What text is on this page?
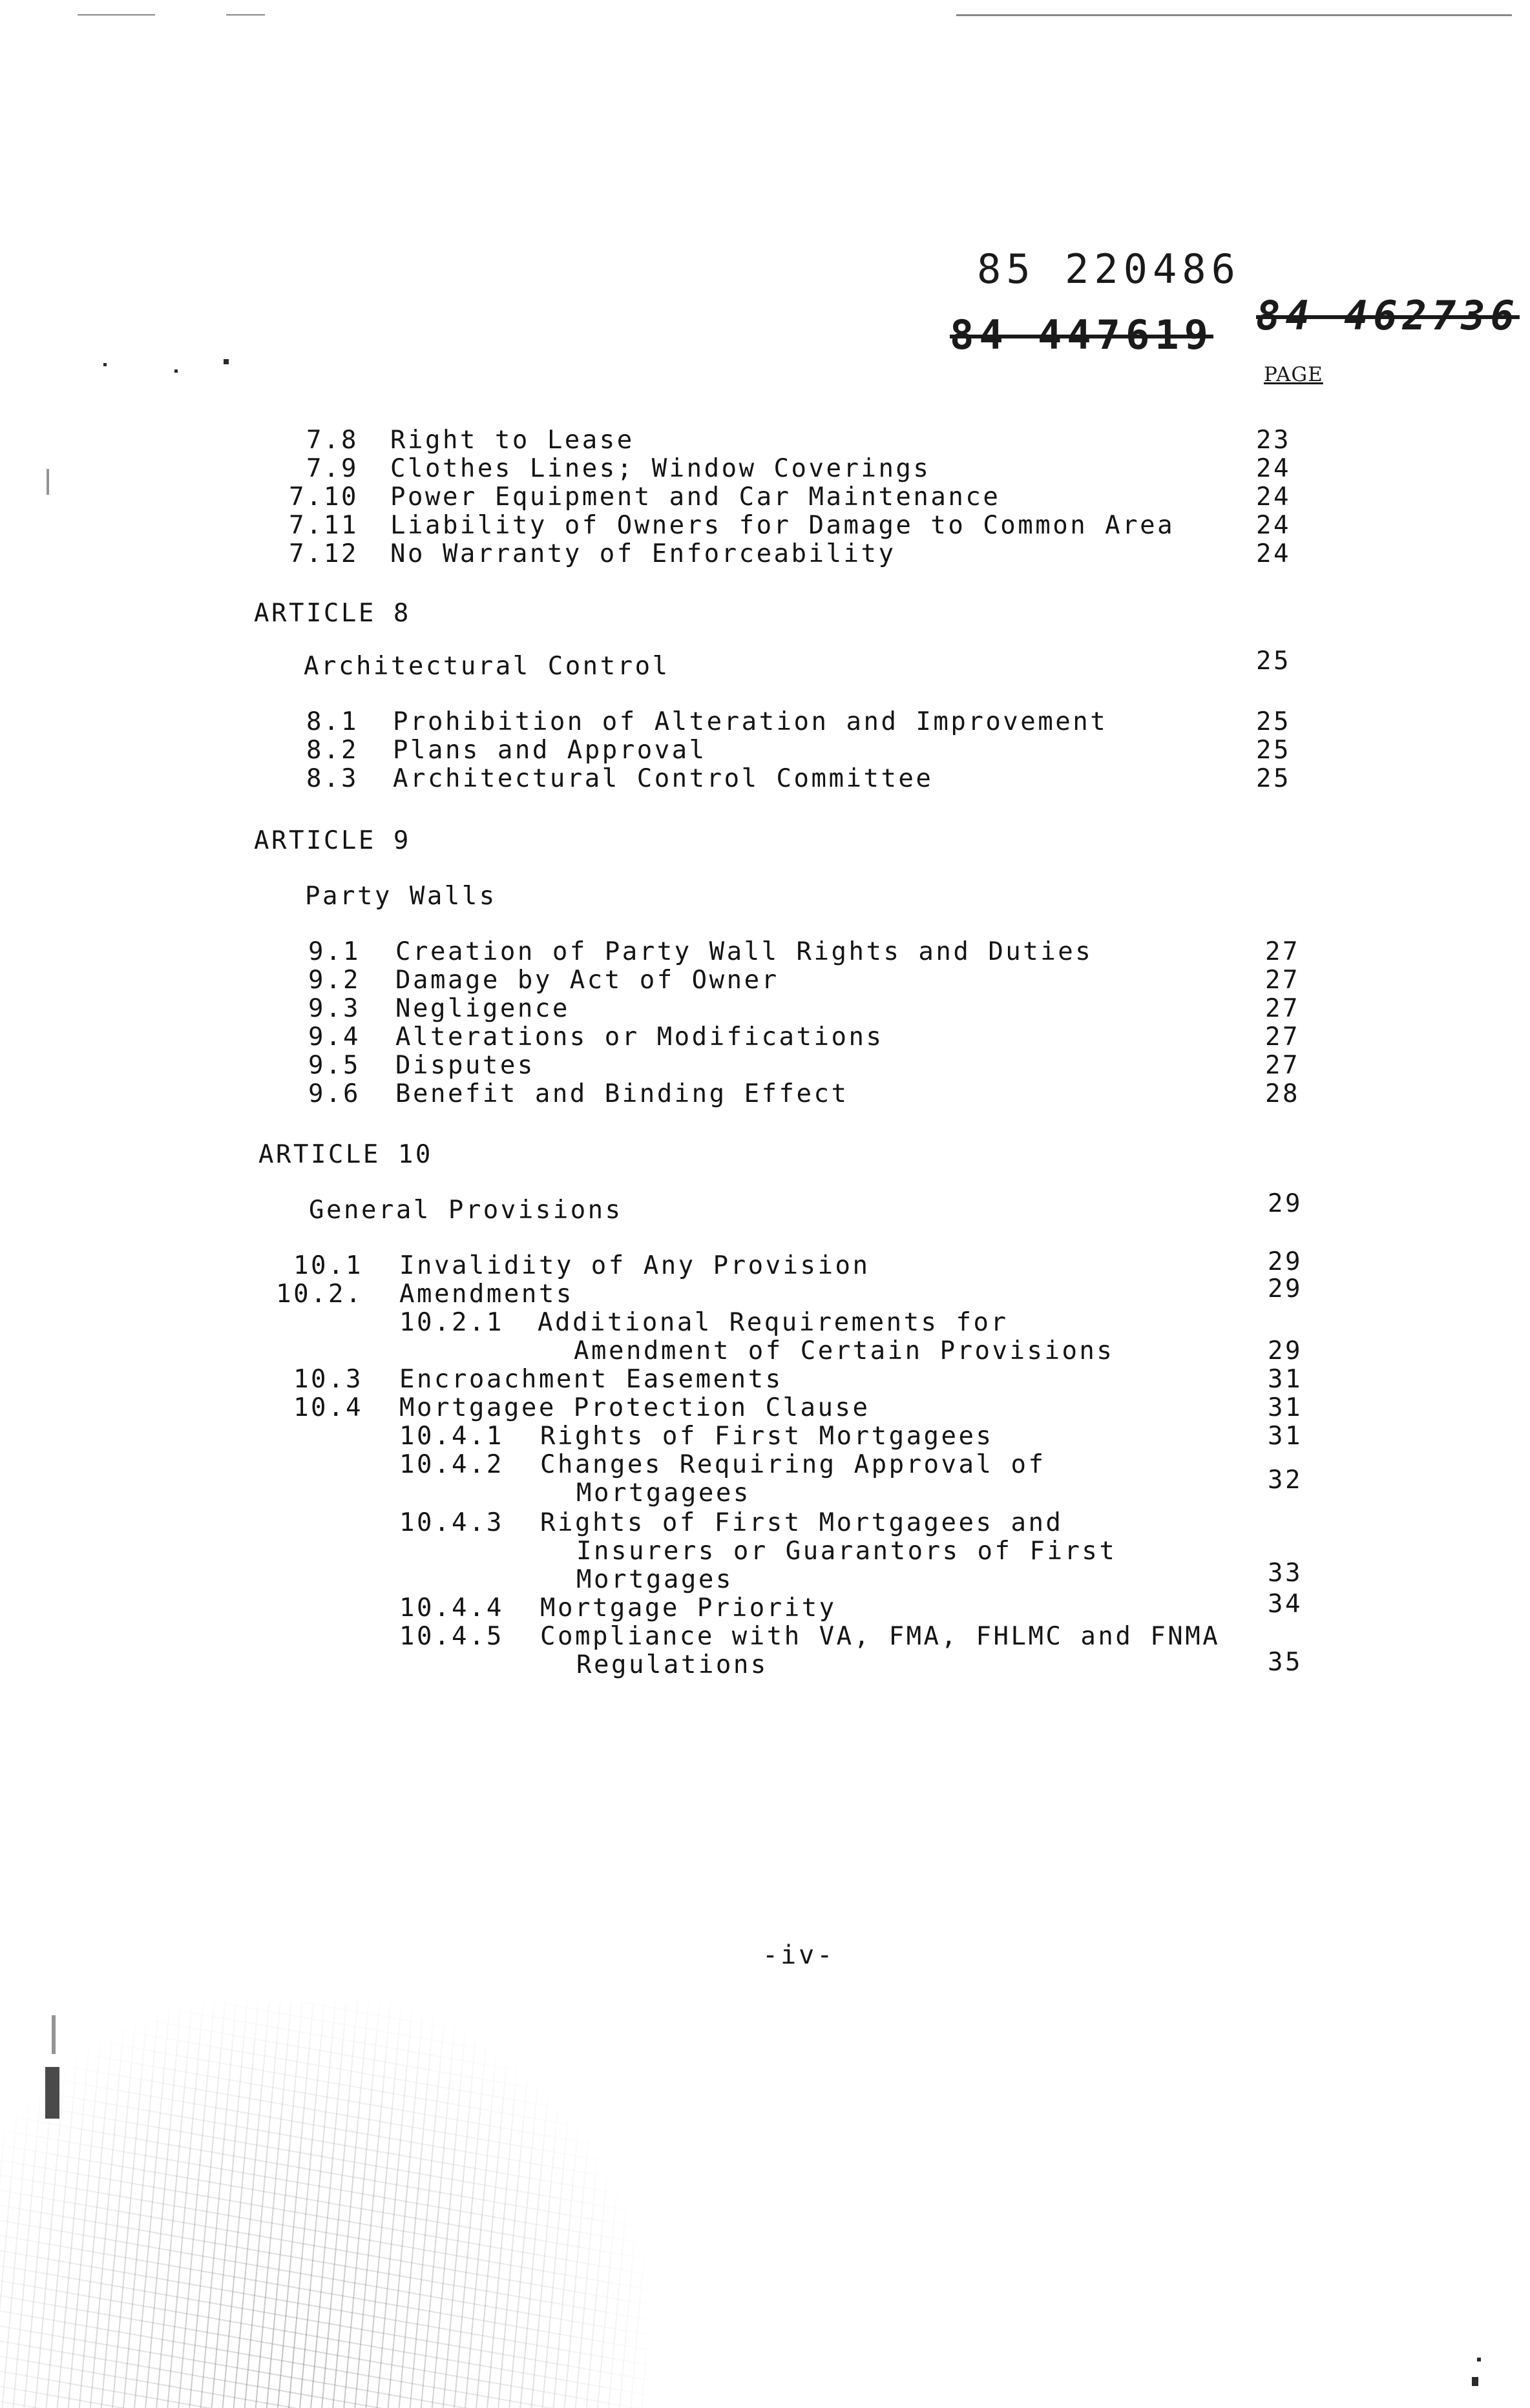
85 220486
84 447619 84 462736
PAGE
7.8 Right to Lease	23
7.9 Clothes Lines; Window Coverings	24
7.10 Power Equipment and Car Maintenance	24
7.11 Liability of Owners for Damage to Common Area	24
7.12 No Warranty of Enforceability	24
ARTICLE 8
Architectural Control	25
8.1 Prohibition of Alteration and Improvement	25
8.2 Plans and Approval	25
8.3 Architectural Control Committee	25
ARTICLE 9
Party Walls
9.1 Creation of Party Wall Rights and Duties	27
9.2 Damage by Act of Owner	27
9.3 Negligence	27
9.4 Alterations or Modifications	27
9.5 Disputes	27
9.6 Benefit and Binding Effect	28
ARTICLE 10
General Provisions	29
10.1 Invalidity of Any Provision	29
10.2. Amendments	29
10.2.1 Additional Requirements for
Amendment of Certain Provisions	29
10.3 Encroachment Easements	31
10.4 Mortgagee Protection Clause	31
10.4.1 Rights of First Mortgagees	31
10.4.2 Changes Requiring Approval of
Mortgagees	32
10.4.3 Rights of First Mortgagees and
Insurers or Guarantors of First
Mortgages	33
10.4.4 Mortgage Priority	34
10.4.5 Compliance with VA, FMA, FHLMC and FNMA
Regulations	35
-iv-
